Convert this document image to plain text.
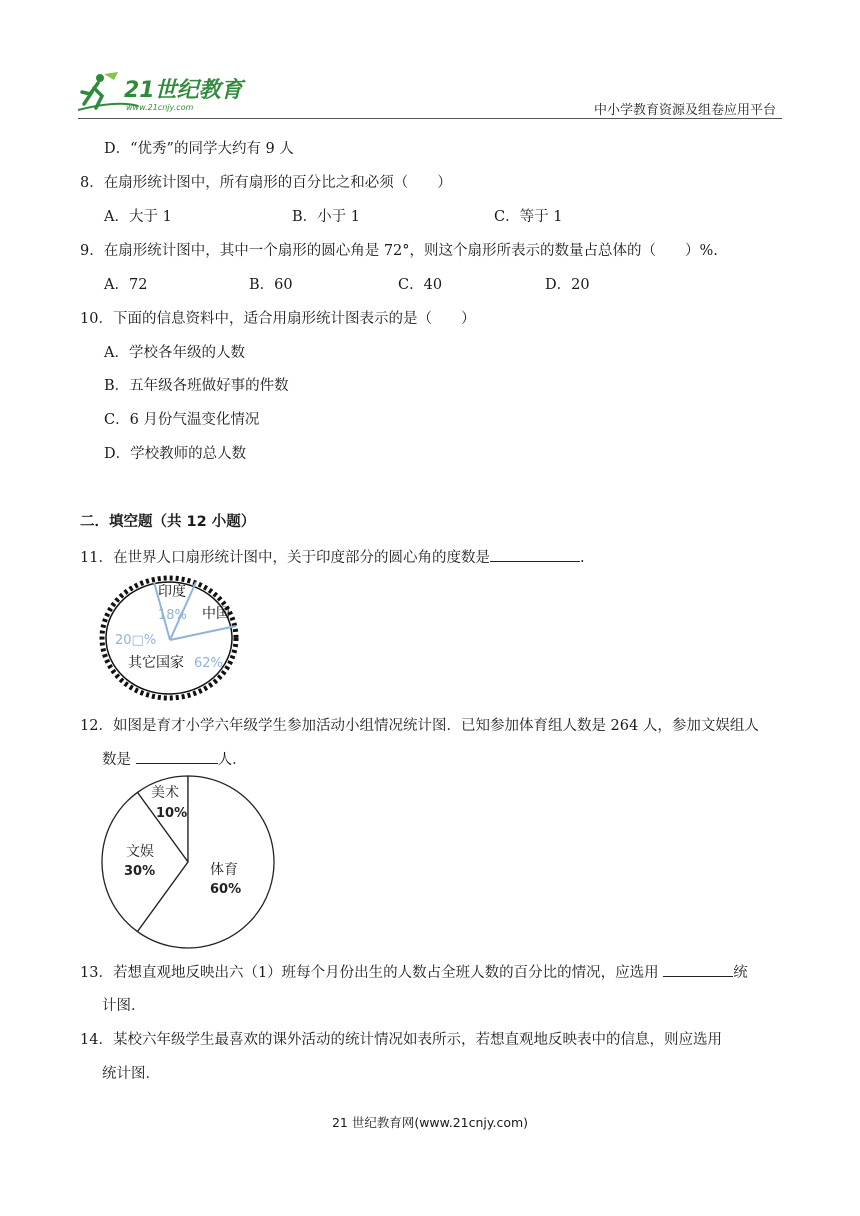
21世纪教育
www.21cnjy.com	中小学教育资源及组卷应用平台
D．“优秀”的同学大约有 9 人
8．在扇形统计图中，所有扇形的百分比之和必须（　　）
A．大于 1	B．小于 1	C．等于 1
9．在扇形统计图中，其中一个扇形的圆心角是 72°，则这个扇形所表示的数量占总体的（　　）%.
A．72	B．60	C．40	D．20
10．下面的信息资料中，适合用扇形统计图表示的是（　　）
A．学校各年级的人数
B．五年级各班做好事的件数
C．6 月份气温变化情况
D．学校教师的总人数
二．填空题（共 12 小题）
11．在世界人口扇形统计图中，关于印度部分的圆心角的度数是	.
印度
18% 中国
20□%
其它国家 62%
12．如图是育才小学六年级学生参加活动小组情况统计图．已知参加体育组人数是 264 人，参加文娱组人
数是	人．
美术
10%
文娱
30%	体育
60%
13．若想直观地反映出六（1）班每个月份出生的人数占全班人数的百分比的情况，应选用	统
计图．
14．某校六年级学生最喜欢的课外活动的统计情况如表所示，若想直观地反映表中的信息，则应选用
统计图．
21 世纪教育网(www.21cnjy.com)
